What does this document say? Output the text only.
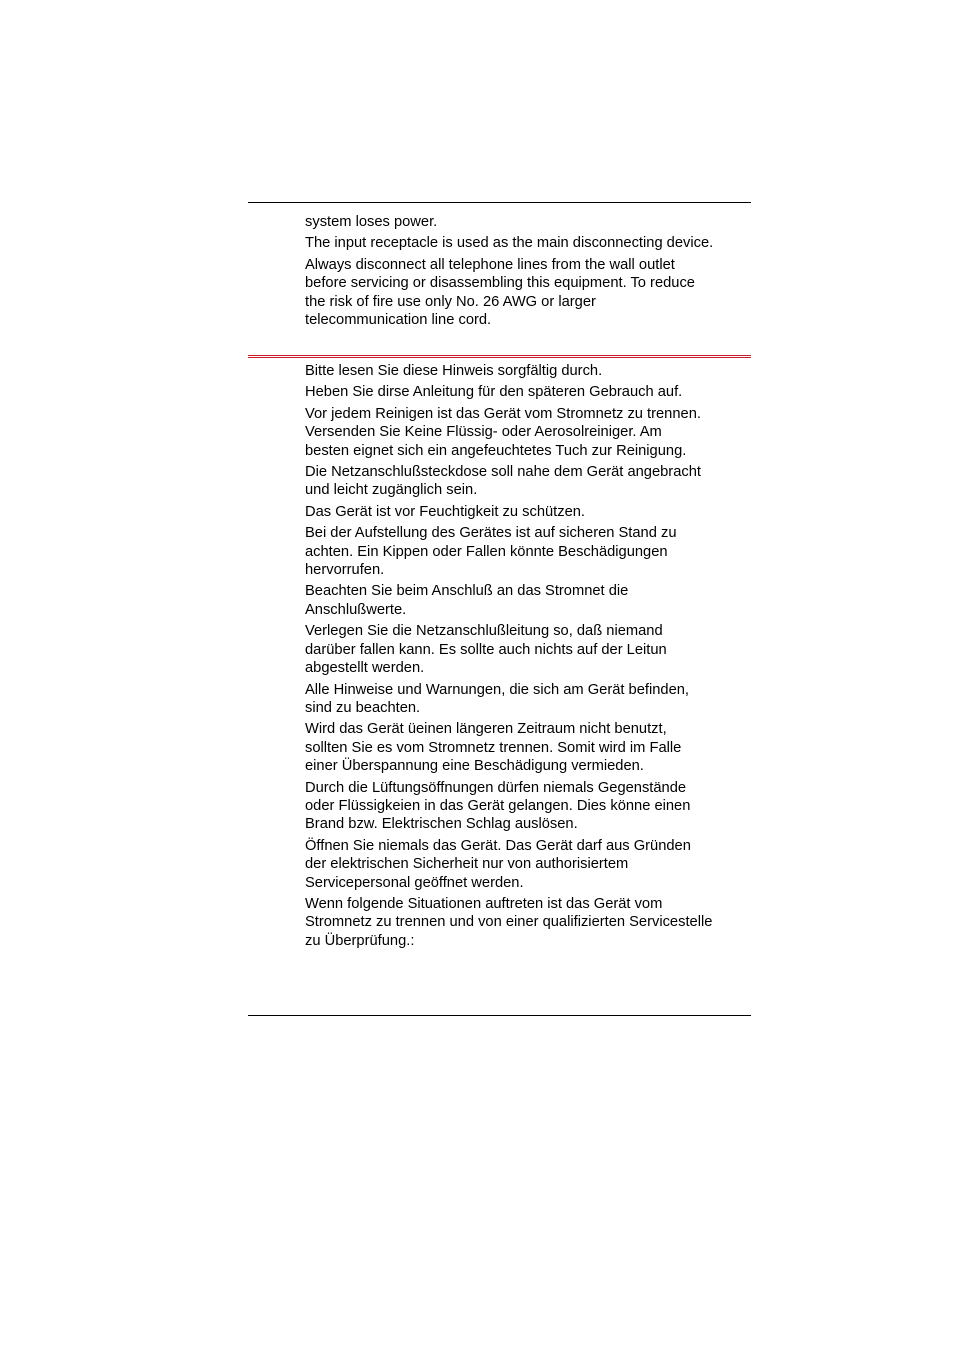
system loses power.

The input receptacle is used as the main disconnecting device.

Always disconnect all telephone lines from the wall outlet
before servicing or disassembling this equipment. To reduce
the risk of fire use only No. 26 AWG or larger
telecommunication line cord.

Bitte lesen Sie diese Hinweis sorgfältig durch.

Heben Sie dirse Anleitung für den späteren Gebrauch auf.

Vor jedem Reinigen ist das Gerät vom Stromnetz zu trennen.
Versenden Sie Keine Flüssig- oder Aerosolreiniger. Am
besten eignet sich ein angefeuchtetes Tuch zur Reinigung.

Die Netzanschlußsteckdose soll nahe dem Gerät angebracht
und leicht zugänglich sein.

Das Gerät ist vor Feuchtigkeit zu schützen.

Bei der Aufstellung des Gerätes ist auf sicheren Stand zu
achten. Ein Kippen oder Fallen könnte Beschädigungen
hervorrufen.

Beachten Sie beim Anschluß an das Stromnet die
Anschlußwerte.

Verlegen Sie die Netzanschlußleitung so, daß niemand
darüber fallen kann. Es sollte auch nichts auf der Leitun
abgestellt werden.

Alle Hinweise und Warnungen, die sich am Gerät befinden,
sind zu beachten.

Wird das Gerät üeinen längeren Zeitraum nicht benutzt,
sollten Sie es vom Stromnetz trennen. Somit wird im Falle
einer Überspannung eine Beschädigung vermieden.

Durch die Lüftungsöffnungen dürfen niemals Gegenstände
oder Flüssigkeien in das Gerät gelangen. Dies könne einen
Brand bzw. Elektrischen Schlag auslösen.

Öffnen Sie niemals das Gerät. Das Gerät darf aus Gründen
der elektrischen Sicherheit nur von authorisiertem
Servicepersonal geöffnet werden.

Wenn folgende Situationen auftreten ist das Gerät vom
Stromnetz zu trennen und von einer qualifizierten Servicestelle
zu Überprüfung.:
